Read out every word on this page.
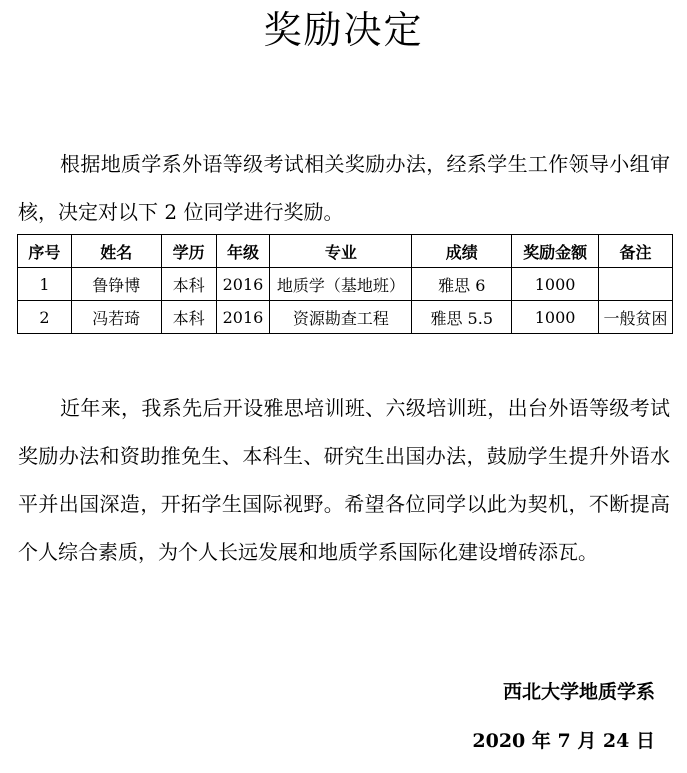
奖励决定

根据地质学系外语等级考试相关奖励办法，经系学生工作领导小组审核，决定对以下 2 位同学进行奖励。

序号	姓名	学历	年级	专业	成绩	奖励金额	备注
1	鲁铮博	本科	2016	地质学（基地班）	雅思 6	1000	
2	冯若琦	本科	2016	资源勘查工程	雅思 5.5	1000	一般贫困

近年来，我系先后开设雅思培训班、六级培训班，出台外语等级考试奖励办法和资助推免生、本科生、研究生出国办法，鼓励学生提升外语水平并出国深造，开拓学生国际视野。希望各位同学以此为契机，不断提高个人综合素质，为个人长远发展和地质学系国际化建设增砖添瓦。

西北大学地质学系
2020 年 7 月 24 日
